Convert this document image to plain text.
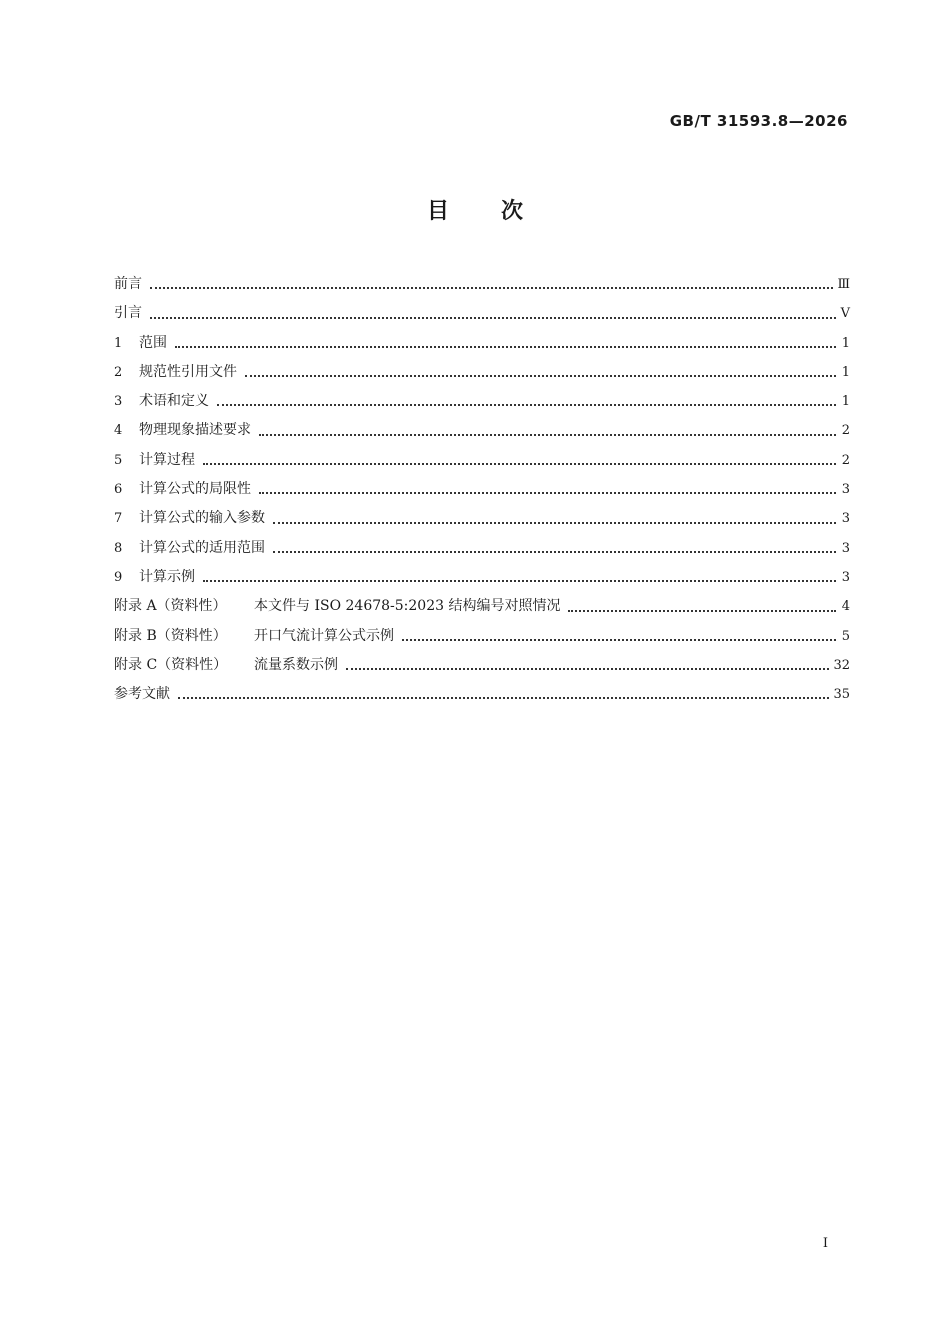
GB/T 31593.8—2026
目次
前言	Ⅲ
引言	Ⅴ
1	范围	1
2	规范性引用文件	1
3	术语和定义	1
4	物理现象描述要求	2
5	计算过程	2
6	计算公式的局限性	3
7	计算公式的输入参数	3
8	计算公式的适用范围	3
9	计算示例	3
附录 A（资料性）	本文件与 ISO 24678-5:2023 结构编号对照情况	4
附录 B（资料性）	开口气流计算公式示例	5
附录 C（资料性）	流量系数示例	32
参考文献	35
Ⅰ
